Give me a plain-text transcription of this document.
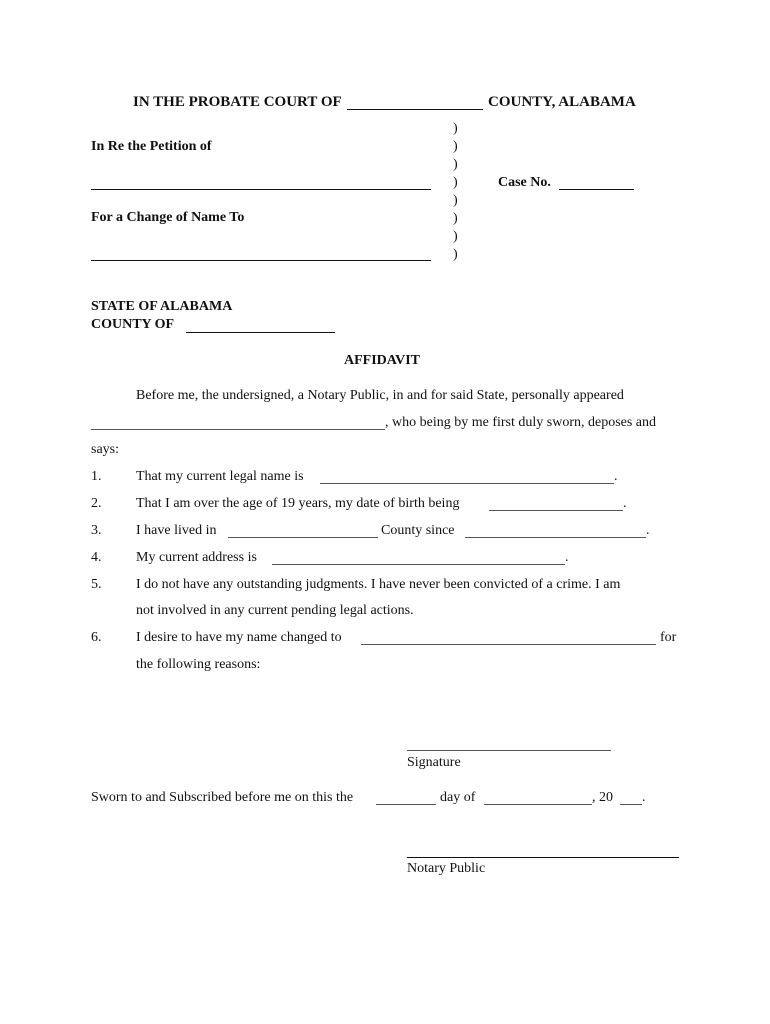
IN THE PROBATE COURT OF	COUNTY, ALABAMA
In Re the Petition of
For a Change of Name To
)
)
)
)
)
)
)
)
Case No.
STATE OF ALABAMA
COUNTY OF
AFFIDAVIT
Before me, the undersigned, a Notary Public, in and for said State, personally appeared
, who being by me first duly sworn, deposes and
says:
1. That my current legal name is	.
2. That I am over the age of 19 years, my date of birth being	.
3. I have lived in	County since	.
4. My current address is	.
5. I do not have any outstanding judgments. I have never been convicted of a crime. I am
not involved in any current pending legal actions.
6. I desire to have my name changed to	for
the following reasons:
Signature
Sworn to and Subscribed before me on this the	day of	, 20 .
Notary Public
